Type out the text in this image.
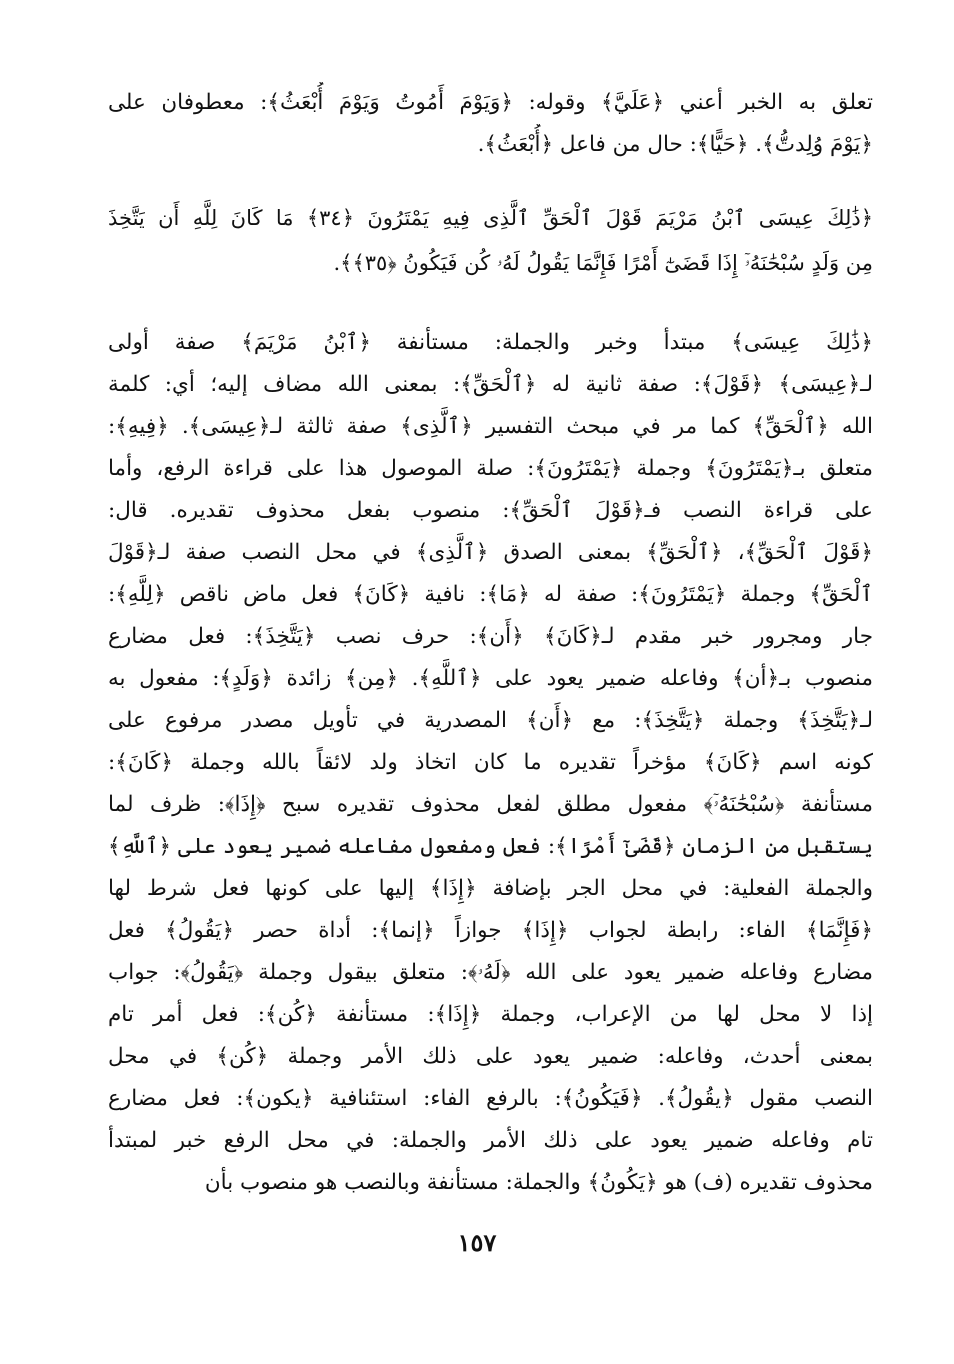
تعلق به الخبر أعني ﴿عَلَيَّ﴾ وقوله: ﴿وَيَوْمَ أَمُوتُ وَيَوْمَ أُبْعَثُ﴾: معطوفان على
﴿يَوْمَ وُلِدتُّ﴾. ﴿حَيًّا﴾: حال من فاعل ﴿أُبْعَثُ﴾.

﴿ذَٰلِكَ عِيسَى ٱبْنُ مَرْيَمَ قَوْلَ ٱلْحَقِّ ٱلَّذِى فِيهِ يَمْتَرُونَ ﴿٣٤﴾ مَا كَانَ لِلَّهِ أَن يَتَّخِذَ
مِن وَلَدٍ سُبْحَٰنَهُۥٓ إِذَا قَضَىٰٓ أَمْرًا فَإِنَّمَا يَقُولُ لَهُۥ كُن فَيَكُونُ ﴿٣٥﴾﴾.

﴿ذَٰلِكَ عِيسَى﴾ مبتدأ وخبر والجملة: مستأنفة ﴿ٱبْنُ مَرْيَمَ﴾ صفة أولى
لـ﴿عِيسَى﴾ ﴿قَوْلَ﴾: صفة ثانية له ﴿ٱلْحَقِّ﴾: بمعنى الله مضاف إليه؛ أي: كلمة
الله ﴿ٱلْحَقِّ﴾ كما مر في مبحث التفسير ﴿ٱلَّذِى﴾ صفة ثالثة لـ﴿عِيسَى﴾. ﴿فِيهِ﴾:
متعلق بـ﴿يَمْتَرُونَ﴾ وجملة ﴿يَمْتَرُونَ﴾: صلة الموصول هذا على قراءة الرفع، وأما
على قراءة النصب فـ﴿قَوْلَ ٱلْحَقِّ﴾: منصوب بفعل محذوف تقديره. قال:
﴿قَوْلَ ٱلْحَقِّ﴾، ﴿ٱلْحَقِّ﴾ بمعنى الصدق ﴿ٱلَّذِى﴾ في محل النصب صفة لـ﴿قَوْلَ
ٱلْحَقِّ﴾ وجملة ﴿يَمْتَرُونَ﴾: صفة له ﴿مَا﴾: نافية ﴿كَانَ﴾ فعل ماض ناقص ﴿لِلَّهِ﴾:
جار ومجرور خبر مقدم لـ﴿كَانَ﴾ ﴿أَن﴾: حرف نصب ﴿يَتَّخِذَ﴾: فعل مضارع
منصوب بـ﴿أن﴾ وفاعله ضمير يعود على ﴿ٱللَّهِ﴾. ﴿مِن﴾ زائدة ﴿وَلَدٍ﴾: مفعول به
لـ﴿يَتَّخِذَ﴾ وجملة ﴿يَتَّخِذَ﴾: مع ﴿أَن﴾ المصدرية في تأويل مصدر مرفوع على
كونه اسم ﴿كَانَ﴾ مؤخراً تقديره ما كان اتخاذ ولد لائقاً بالله وجملة ﴿كَانَ﴾:
مستأنفة ﴿سُبْحَٰنَهُۥٓ﴾ مفعول مطلق لفعل محذوف تقديره سبح ﴿إِذَا﴾: ظرف لما
يستقبل من الزمان ﴿قَضَىٰٓ أَمْرًا﴾: فعل ومفعول مفاعله ضمير يعود على ﴿ٱللَّهِ﴾
والجملة الفعلية: في محل الجر بإضافة ﴿إِذَا﴾ إليها على كونها فعل شرط لها
﴿فَإِنَّمَا﴾ الفاء: رابطة لجواب ﴿إِذَا﴾ جوازاً ﴿إنما﴾: أداة حصر ﴿يَقُولُ﴾ فعل
مضارع وفاعله ضمير يعود على الله ﴿لَهُۥ﴾: متعلق بيقول وجملة ﴿يَقُولُ﴾: جواب
إذا لا محل لها من الإعراب، وجملة ﴿إِذَا﴾: مستأنفة ﴿كُن﴾: فعل أمر تام
بمعنى أحدث، وفاعله: ضمير يعود على ذلك الأمر وجملة ﴿كُن﴾ في محل
النصب مقول ﴿يقُولُ﴾. ﴿فَيَكُونُ﴾: بالرفع الفاء: استئنافية ﴿يكون﴾: فعل مضارع
تام وفاعله ضمير يعود على ذلك الأمر والجملة: في محل الرفع خبر لمبتدأ
محذوف تقديره (ف) هو ﴿يَكُونُ﴾ والجملة: مستأنفة وبالنصب هو منصوب بأن

١٥٧
